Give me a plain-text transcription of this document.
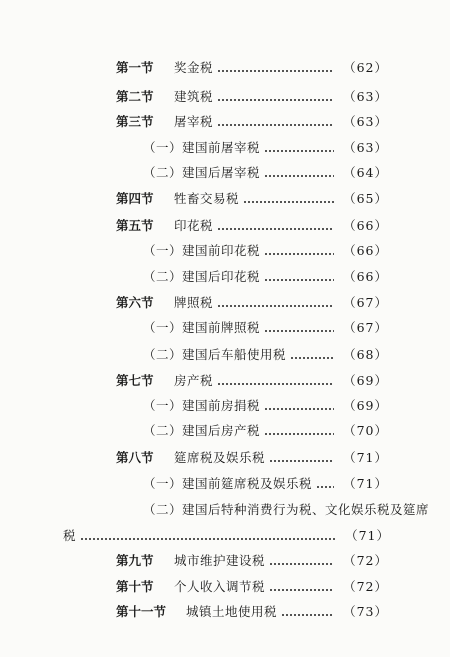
第一节 奖金税	（62）
第二节 建筑税	（63）
第三节 屠宰税	（63）
（一）建国前屠宰税	（63）
（二）建国后屠宰税	（64）
第四节 牲畜交易税	（65）
第五节 印花税	（66）
（一）建国前印花税	（66）
（二）建国后印花税	（66）
第六节 牌照税	（67）
（一）建国前牌照税	（67）
（二）建国后车船使用税	（68）
第七节 房产税	（69）
（一）建国前房捐税	（69）
（二）建国后房产税	（70）
第八节 筵席税及娱乐税	（71）
（一）建国前筵席税及娱乐税	（71）
（二）建国后特种消费行为税、文化娱乐税及筵席
税	（71）
第九节 城市维护建设税	（72）
第十节 个人收入调节税	（72）
第十一节 城镇土地使用税	（73）
